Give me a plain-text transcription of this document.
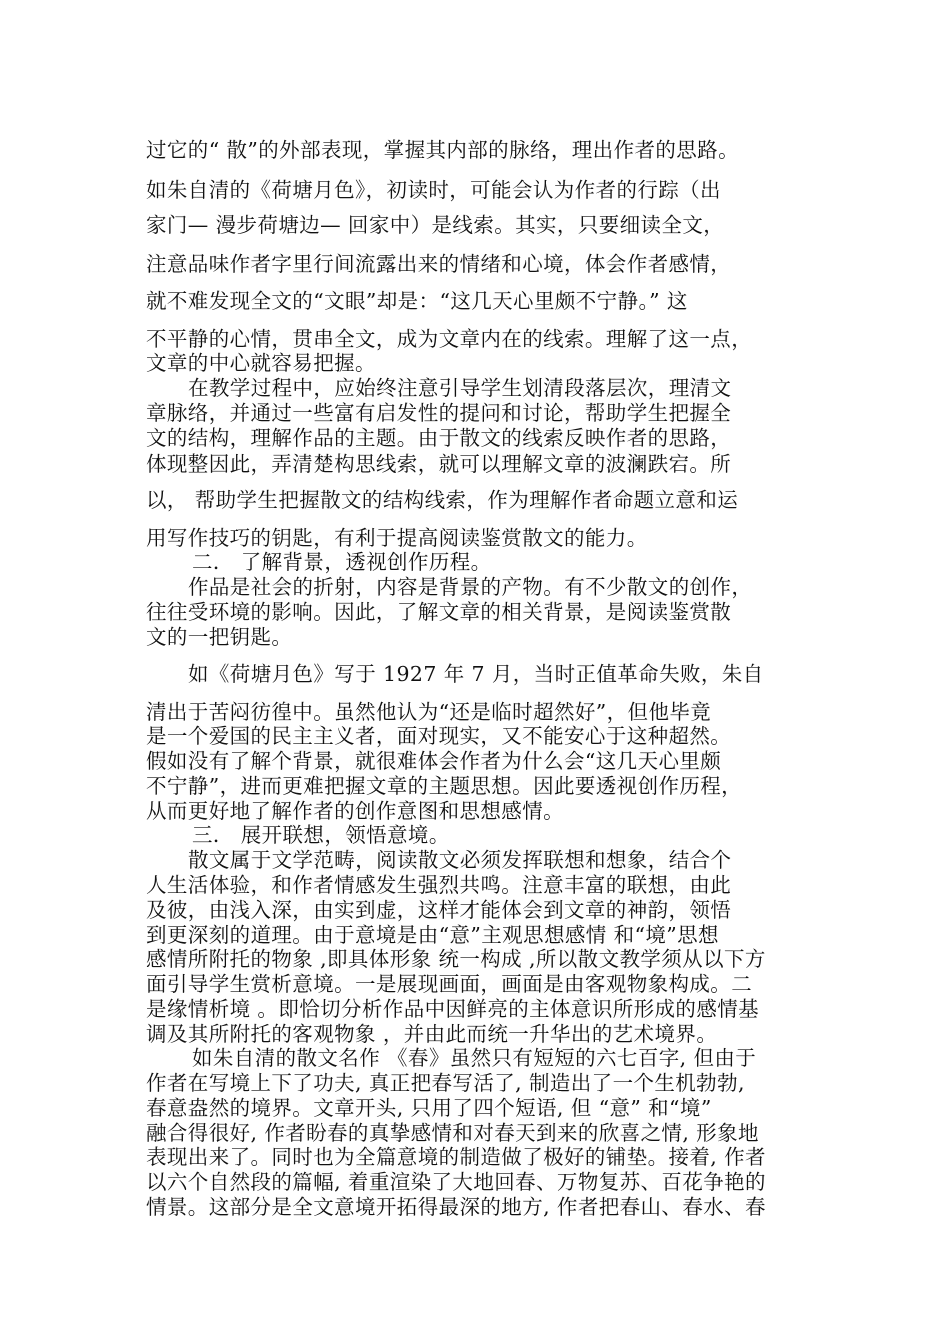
过它的“ 散”的外部表现，掌握其内部的脉络，理出作者的思路。

如朱自清的《荷塘月色》，初读时，可能会认为作者的行踪（出

家门— 漫步荷塘边— 回家中）是线索。其实，只要细读全文，

注意品味作者字里行间流露出来的情绪和心境，体会作者感情，

就不难发现全文的“文眼”却是：“这几天心里颇不宁静。” 这

不平静的心情，贯串全文，成为文章内在的线索。理解了这一点，

文章的中心就容易把握。

在教学过程中，应始终注意引导学生划清段落层次，理清文

章脉络，并通过一些富有启发性的提问和讨论，帮助学生把握全

文的结构，理解作品的主题。由于散文的线索反映作者的思路，

体现整因此，弄清楚构思线索，就可以理解文章的波澜跌宕。所

以， 帮助学生把握散文的结构线索，作为理解作者命题立意和运

用写作技巧的钥匙，有利于提高阅读鉴赏散文的能力。

二． 了解背景，透视创作历程。

作品是社会的折射，内容是背景的产物。有不少散文的创作，

往往受环境的影响。因此，了解文章的相关背景，是阅读鉴赏散

文的一把钥匙。

如《荷塘月色》写于 1927 年 7 月，当时正值革命失败，朱自

清出于苦闷彷徨中。虽然他认为“还是临时超然好”，但他毕竟

是一个爱国的民主主义者，面对现实，又不能安心于这种超然。

假如没有了解个背景，就很难体会作者为什么会“这几天心里颇

不宁静”，进而更难把握文章的主题思想。因此要透视创作历程，

从而更好地了解作者的创作意图和思想感情。

三． 展开联想，领悟意境。

散文属于文学范畴，阅读散文必须发挥联想和想象，结合个

人生活体验，和作者情感发生强烈共鸣。注意丰富的联想，由此

及彼，由浅入深，由实到虚，这样才能体会到文章的神韵，领悟

到更深刻的道理。由于意境是由“意”主观思想感情 和“境”思想

感情所附托的物象 ,即具体形象 统一构成 ,所以散文教学须从以下方

面引导学生赏析意境。一是展现画面，画面是由客观物象构成。二

是缘情析境 。即恰切分析作品中因鲜亮的主体意识所形成的感情基

调及其所附托的客观物象 ，并由此而统一升华出的艺术境界。

如朱自清的散文名作 《春》虽然只有短短的六七百字, 但由于

作者在写境上下了功夫, 真正把春写活了, 制造出了一个生机勃勃,

春意盎然的境界。文章开头, 只用了四个短语, 但 “意” 和“境”

融合得很好, 作者盼春的真挚感情和对春天到来的欣喜之情, 形象地

表现出来了。同时也为全篇意境的制造做了极好的铺垫。接着, 作者

以六个自然段的篇幅, 着重渲染了大地回春、万物复苏、百花争艳的

情景。这部分是全文意境开拓得最深的地方, 作者把春山、春水、春
